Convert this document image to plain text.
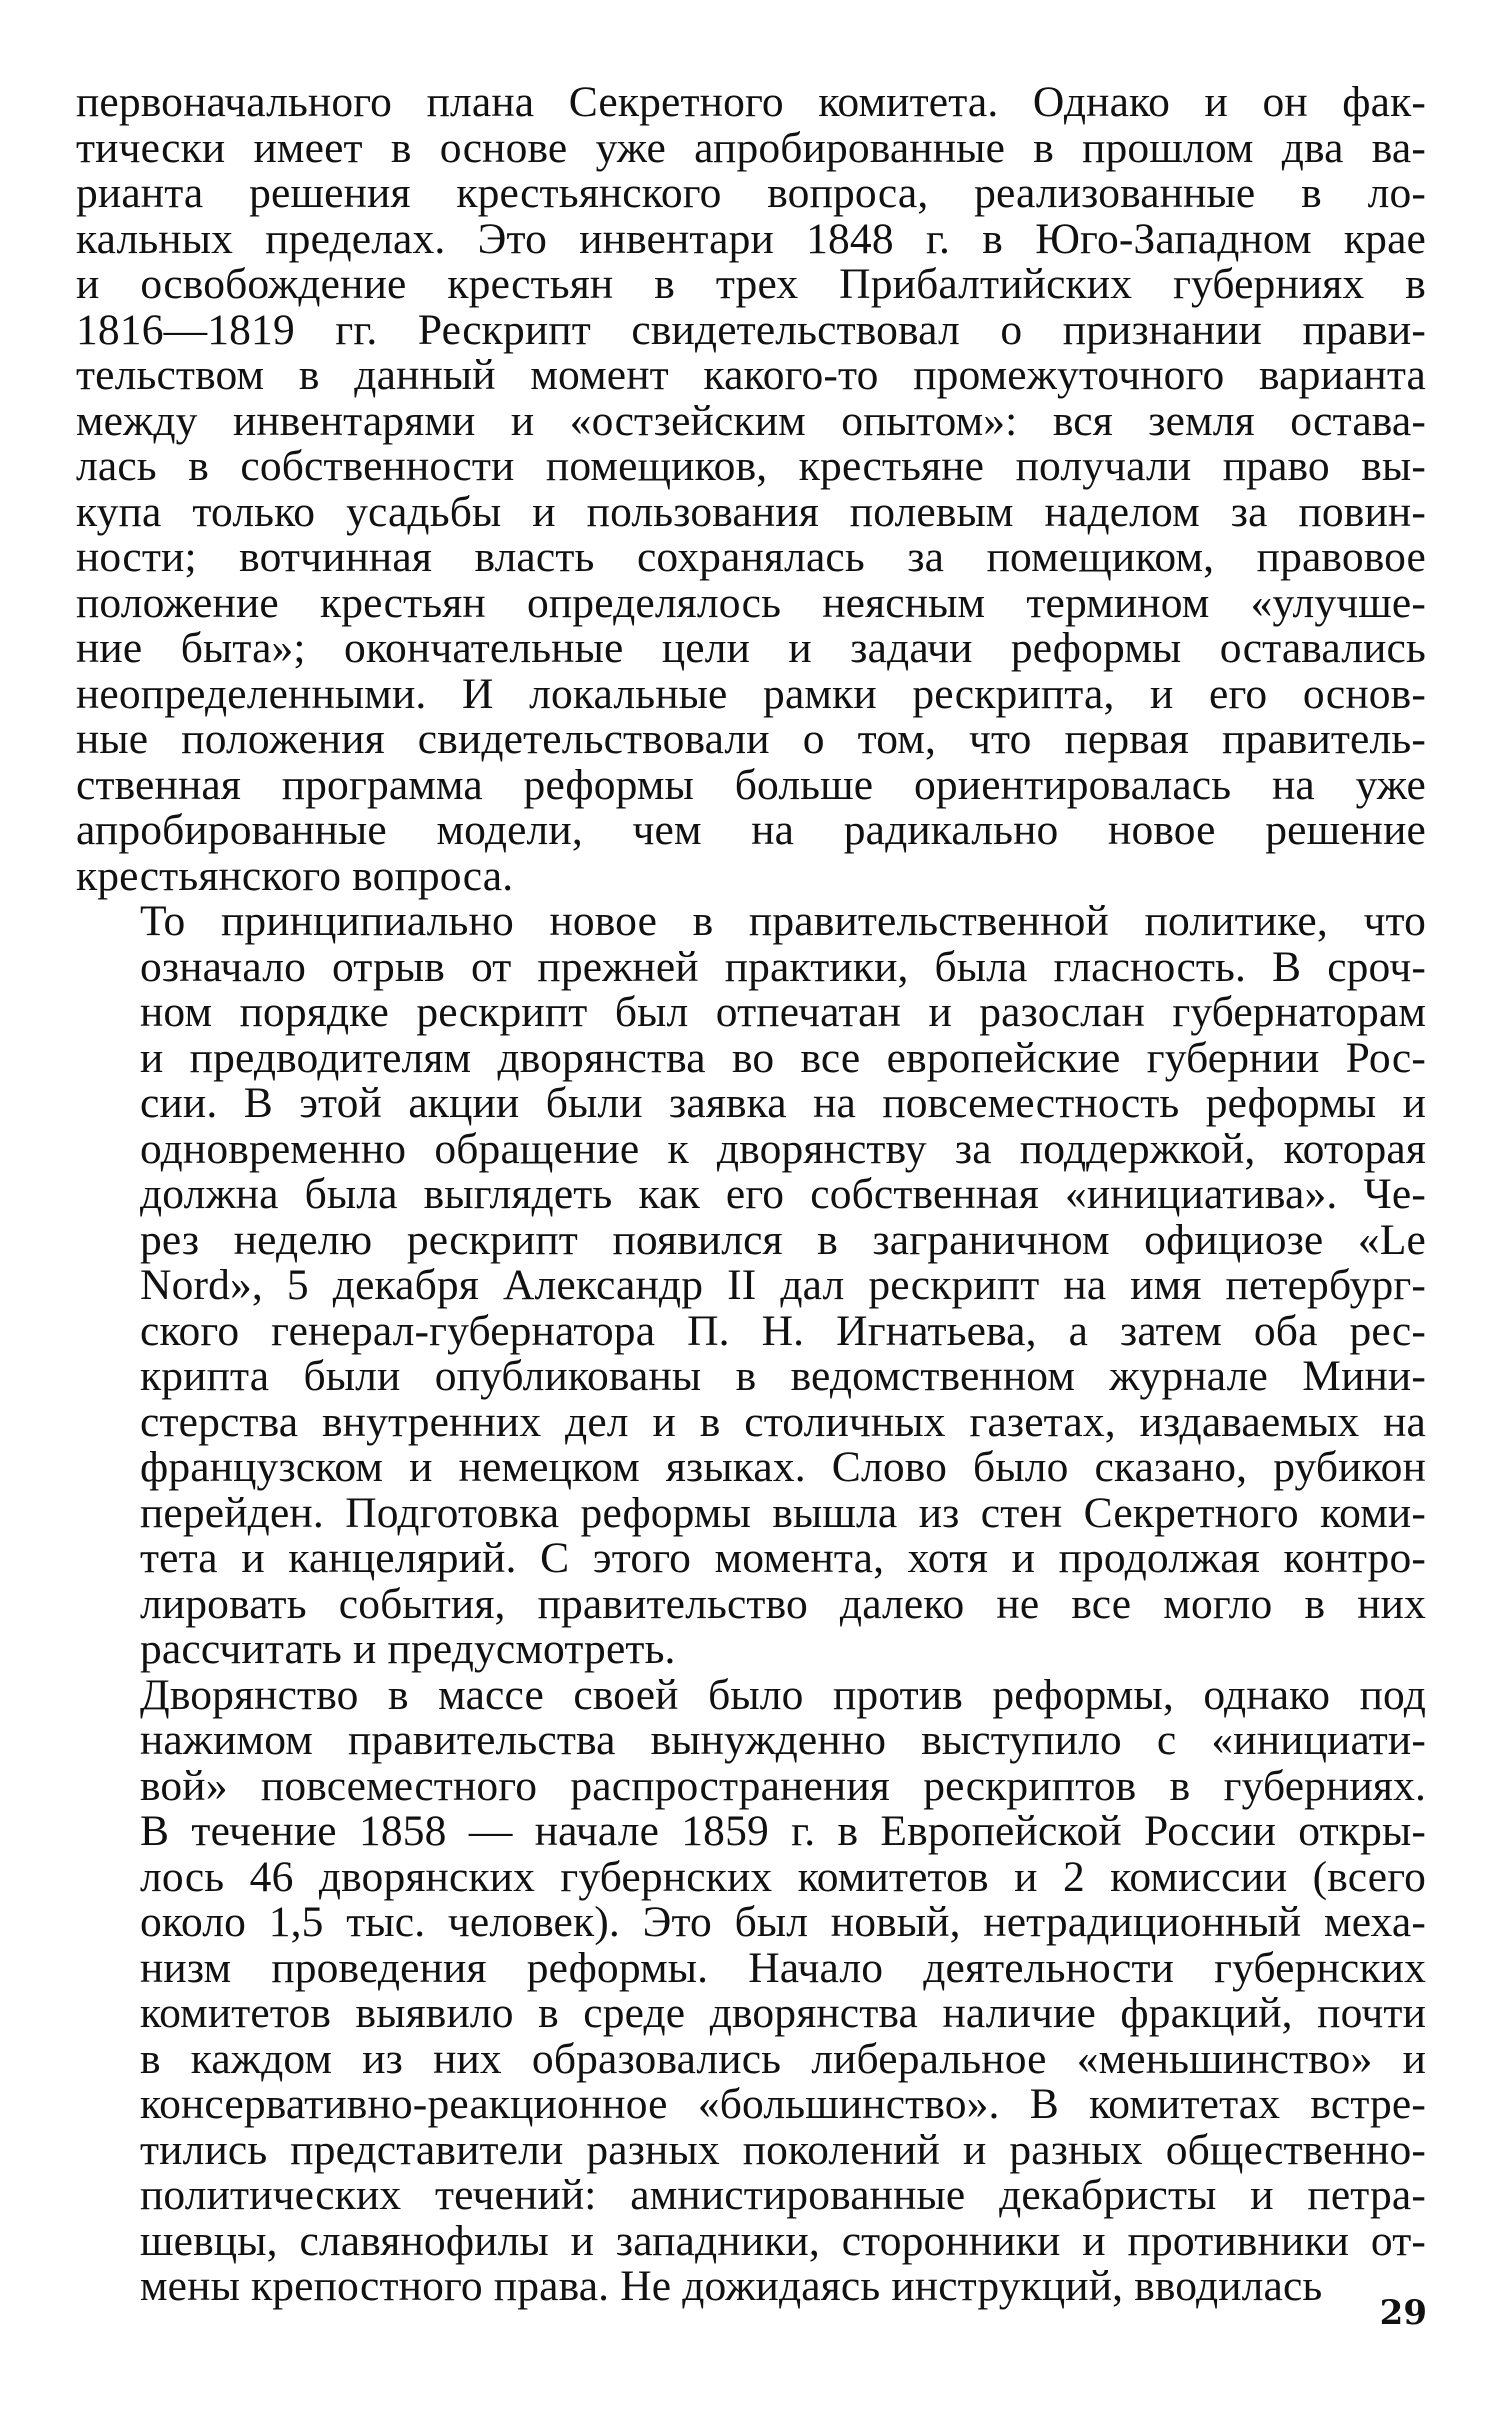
первоначального плана Секретного комитета. Однако и он фак-
тически имеет в основе уже апробированные в прошлом два ва-
рианта решения крестьянского вопроса, реализованные в ло-
кальных пределах. Это инвентари 1848 г. в Юго-Западном крае
и освобождение крестьян в трех Прибалтийских губерниях в
1816—1819 гг. Рескрипт свидетельствовал о признании прави-
тельством в данный момент какого-то промежуточного варианта
между инвентарями и «остзейским опытом»: вся земля остава-
лась в собственности помещиков, крестьяне получали право вы-
купа только усадьбы и пользования полевым наделом за повин-
ности; вотчинная власть сохранялась за помещиком, правовое
положение крестьян определялось неясным термином «улучше-
ние быта»; окончательные цели и задачи реформы оставались
неопределенными. И локальные рамки рескрипта, и его основ-
ные положения свидетельствовали о том, что первая правитель-
ственная программа реформы больше ориентировалась на уже
апробированные модели, чем на радикально новое решение
крестьянского вопроса.

То принципиально новое в правительственной политике, что
означало отрыв от прежней практики, была гласность. В сроч-
ном порядке рескрипт был отпечатан и разослан губернаторам
и предводителям дворянства во все европейские губернии Рос-
сии. В этой акции были заявка на повсеместность реформы и
одновременно обращение к дворянству за поддержкой, которая
должна была выглядеть как его собственная «инициатива». Че-
рез неделю рескрипт появился в заграничном официозе «Le
Nord», 5 декабря Александр II дал рескрипт на имя петербург-
ского генерал-губернатора П. Н. Игнатьева, а затем оба рес-
крипта были опубликованы в ведомственном журнале Мини-
стерства внутренних дел и в столичных газетах, издаваемых на
французском и немецком языках. Слово было сказано, рубикон
перейден. Подготовка реформы вышла из стен Секретного коми-
тета и канцелярий. С этого момента, хотя и продолжая контро-
лировать события, правительство далеко не все могло в них
рассчитать и предусмотреть.

Дворянство в массе своей было против реформы, однако под
нажимом правительства вынужденно выступило с «инициати-
вой» повсеместного распространения рескриптов в губерниях.
В течение 1858 — начале 1859 г. в Европейской России откры-
лось 46 дворянских губернских комитетов и 2 комиссии (всего
около 1,5 тыс. человек). Это был новый, нетрадиционный меха-
низм проведения реформы. Начало деятельности губернских
комитетов выявило в среде дворянства наличие фракций, почти
в каждом из них образовались либеральное «меньшинство» и
консервативно-реакционное «большинство». В комитетах встре-
тились представители разных поколений и разных общественно-
политических течений: амнистированные декабристы и петра-
шевцы, славянофилы и западники, сторонники и противники от-
мены крепостного права. Не дожидаясь инструкций, вводилась

29
